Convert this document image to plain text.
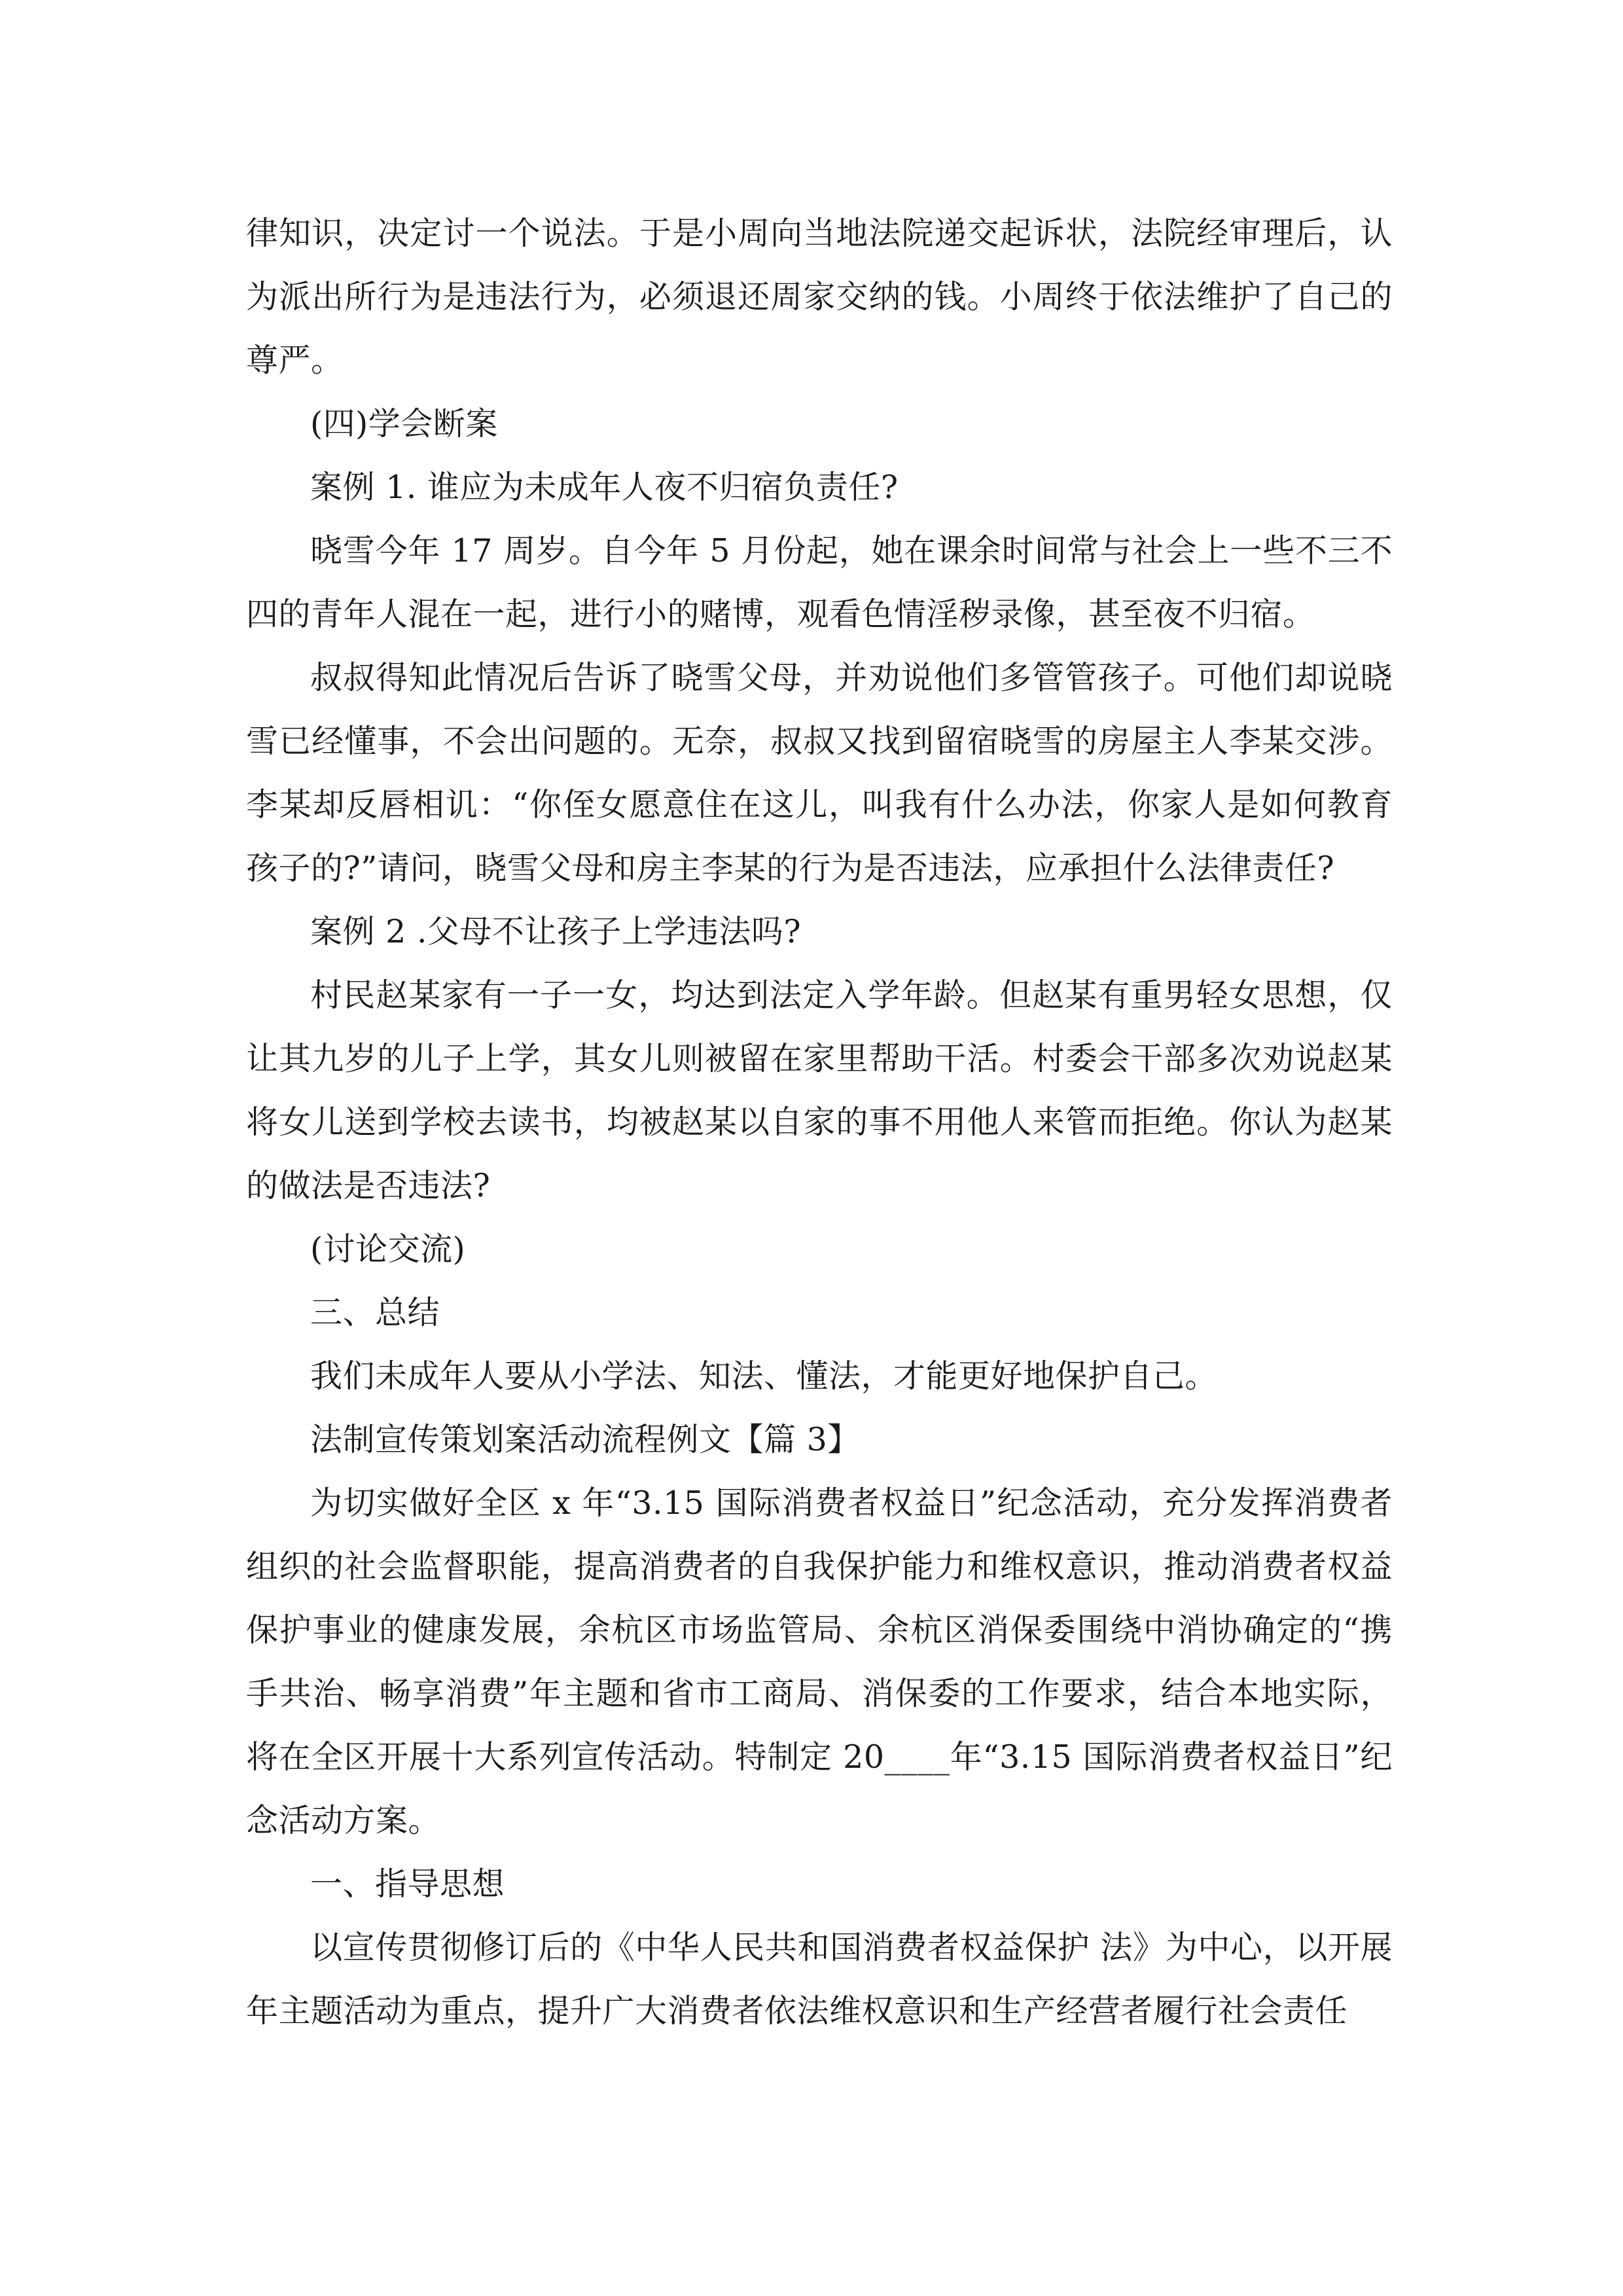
律知识，决定讨一个说法。于是小周向当地法院递交起诉状，法院经审理后，认为派出所行为是违法行为，必须退还周家交纳的钱。小周终于依法维护了自己的尊严。

(四)学会断案

案例 1. 谁应为未成年人夜不归宿负责任?

晓雪今年 17 周岁。自今年 5 月份起，她在课余时间常与社会上一些不三不四的青年人混在一起，进行小的赌博，观看色情淫秽录像，甚至夜不归宿。

叔叔得知此情况后告诉了晓雪父母，并劝说他们多管管孩子。可他们却说晓雪已经懂事，不会出问题的。无奈，叔叔又找到留宿晓雪的房屋主人李某交涉。李某却反唇相讥：“你侄女愿意住在这儿，叫我有什么办法，你家人是如何教育孩子的?”请问，晓雪父母和房主李某的行为是否违法，应承担什么法律责任?

案例 2 .父母不让孩子上学违法吗?

村民赵某家有一子一女，均达到法定入学年龄。但赵某有重男轻女思想，仅让其九岁的儿子上学，其女儿则被留在家里帮助干活。村委会干部多次劝说赵某将女儿送到学校去读书，均被赵某以自家的事不用他人来管而拒绝。你认为赵某的做法是否违法?

(讨论交流)

三、总结

我们未成年人要从小学法、知法、懂法，才能更好地保护自己。

法制宣传策划案活动流程例文【篇 3】

为切实做好全区 x 年“3.15 国际消费者权益日”纪念活动，充分发挥消费者组织的社会监督职能，提高消费者的自我保护能力和维权意识，推动消费者权益保护事业的健康发展，余杭区市场监管局、余杭区消保委围绕中消协确定的“携手共治、畅享消费”年主题和省市工商局、消保委的工作要求，结合本地实际，将在全区开展十大系列宣传活动。特制定 20____年“3.15 国际消费者权益日”纪念活动方案。

一、指导思想

以宣传贯彻修订后的《中华人民共和国消费者权益保护 法》为中心，以开展年主题活动为重点，提升广大消费者依法维权意识和生产经营者履行社会责任
